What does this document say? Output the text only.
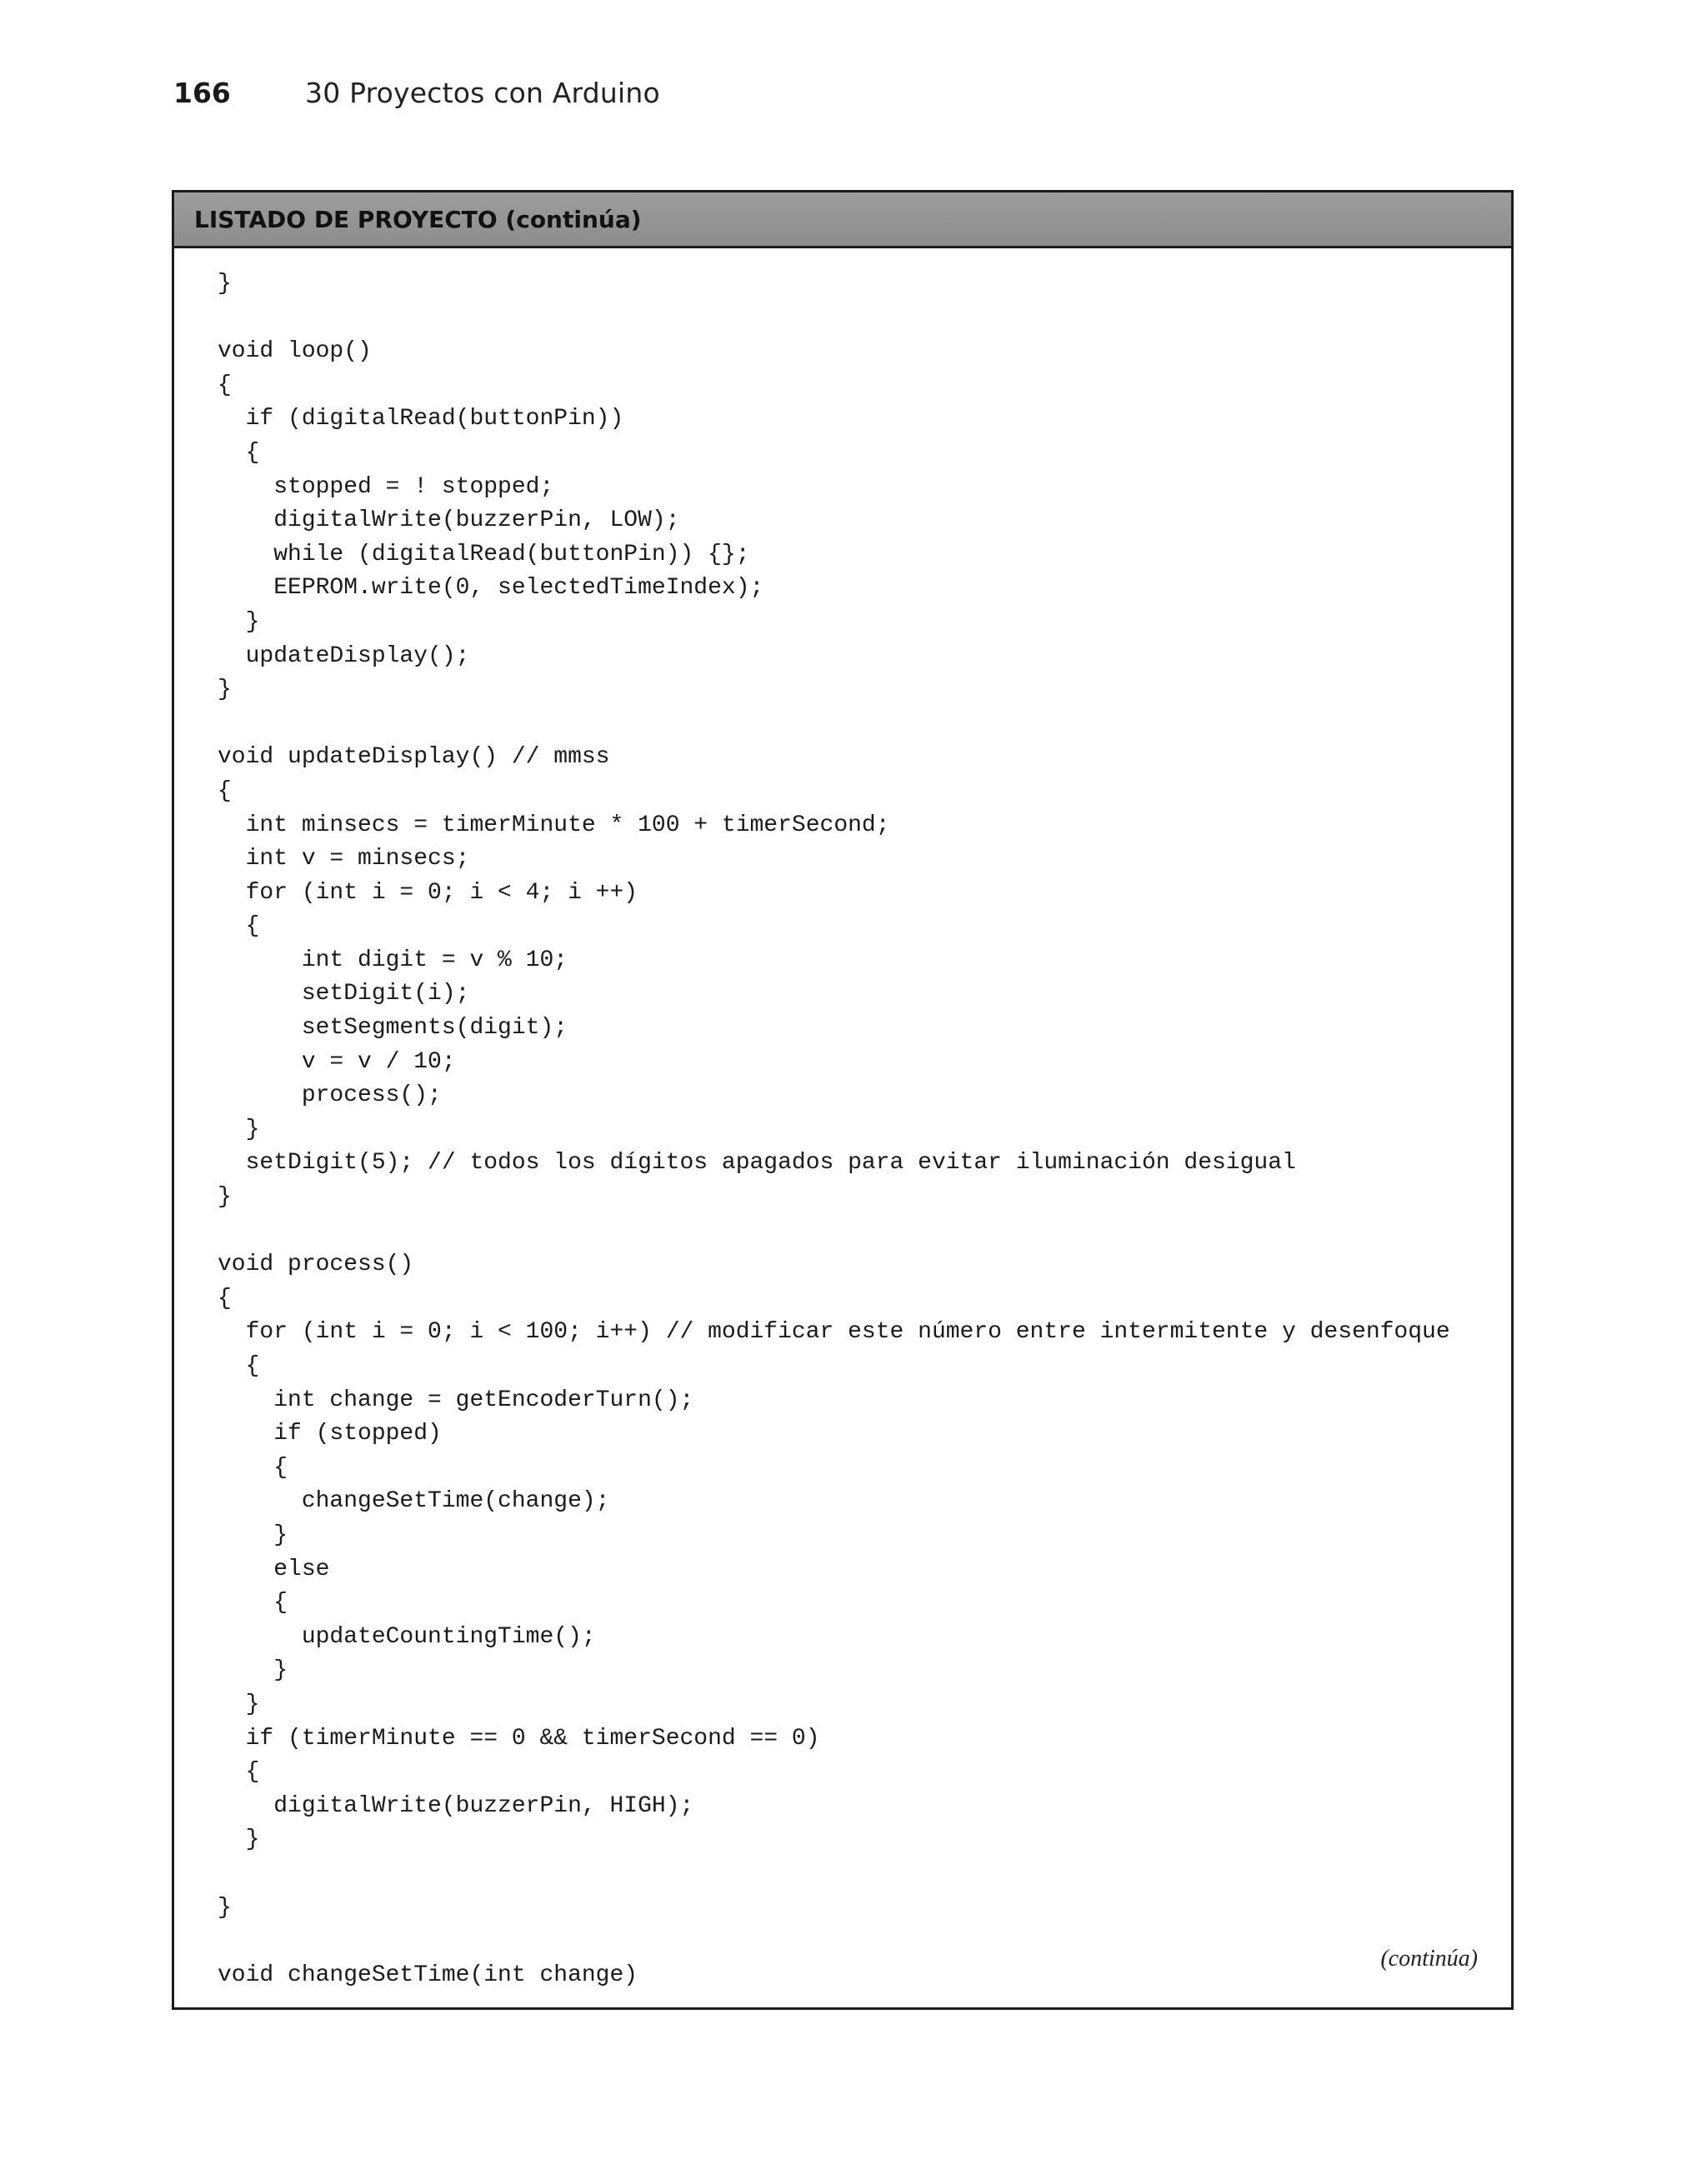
166	30 Proyectos con Arduino
LISTADO DE PROYECTO (continúa)
}
void loop()
{
if (digitalRead(buttonPin))
{
stopped = ! stopped;
digitalWrite(buzzerPin, LOW);
while (digitalRead(buttonPin)) {};
EEPROM.write(0, selectedTimeIndex);
}
updateDisplay();
}
void updateDisplay() // mmss
{
int minsecs = timerMinute * 100 + timerSecond;
int v = minsecs;
for (int i = 0; i < 4; i ++)
{
int digit = v % 10;
setDigit(i);
setSegments(digit);
v = v / 10;
process();
}
setDigit(5); // todos los dígitos apagados para evitar iluminación desigual
}
void process()
{
for (int i = 0; i < 100; i++) // modificar este número entre intermitente y desenfoque
{
int change = getEncoderTurn();
if (stopped)
{
changeSetTime(change);
}
else
{
updateCountingTime();
}
}
if (timerMinute == 0 && timerSecond == 0)
{
digitalWrite(buzzerPin, HIGH);
}
}
void changeSetTime(int change)
(continúa)
